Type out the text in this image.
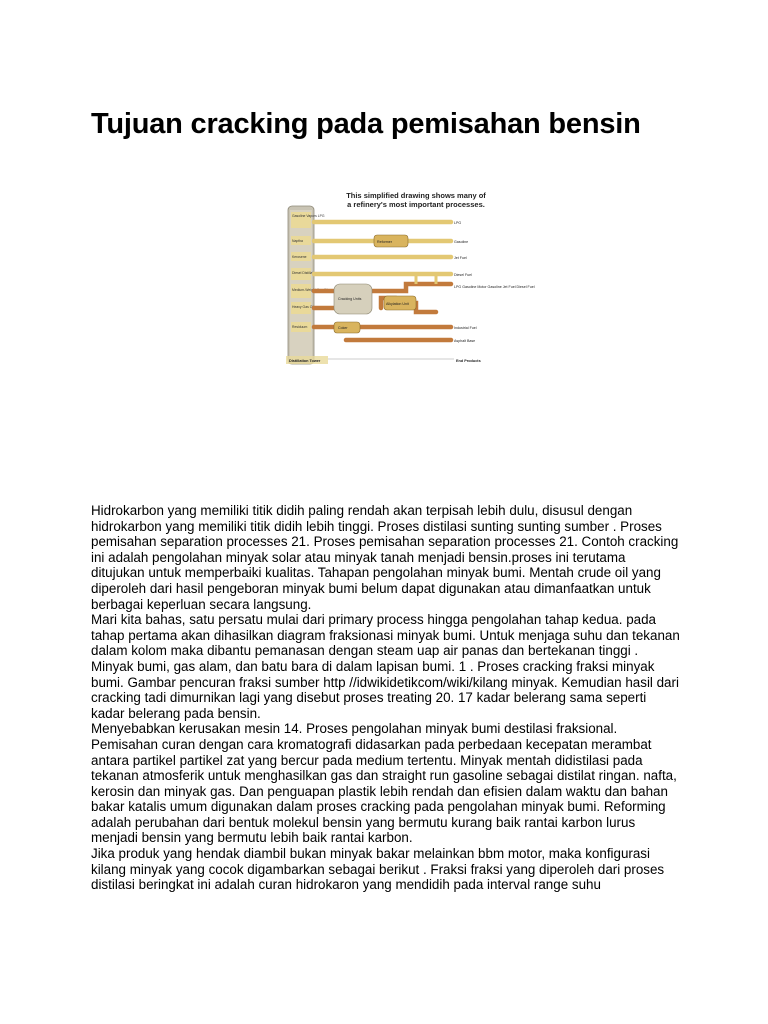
Tujuan cracking pada pemisahan bensin
This simplified drawing shows many of
a refinery's most important processes.
Gasoline Vapors LPG
Naptha
Kerosene
Diesel Distillate
Medium-Weight Gas Oil
Heavy Gas Oil
Residuum
Reformer
Cracking Units
Alkylation Unit
Coker
LPG
Gasoline
Jet Fuel
Diesel Fuel
LPG Gasoline Motor Gasoline Jet Fuel Diesel Fuel
Industrial Fuel
Asphalt Base
Distillation Tower	End Products

Hidrokarbon yang memiliki titik didih paling rendah akan terpisah lebih dulu, disusul dengan hidrokarbon yang memiliki titik didih lebih tinggi. Proses distilasi sunting sunting sumber . Proses pemisahan separation processes 21. Proses pemisahan separation processes 21. Contoh cracking ini adalah pengolahan minyak solar atau minyak tanah menjadi bensin.proses ini terutama ditujukan untuk memperbaiki kualitas. Tahapan pengolahan minyak bumi. Mentah crude oil yang diperoleh dari hasil pengeboran minyak bumi belum dapat digunakan atau dimanfaatkan untuk berbagai keperluan secara langsung.

Mari kita bahas, satu persatu mulai dari primary process hingga pengolahan tahap kedua. pada tahap pertama akan dihasilkan diagram fraksionasi minyak bumi. Untuk menjaga suhu dan tekanan dalam kolom maka dibantu pemanasan dengan steam uap air panas dan bertekanan tinggi . Minyak bumi, gas alam, dan batu bara di dalam lapisan bumi. 1 . Proses cracking fraksi minyak bumi. Gambar pencuran fraksi sumber http //idwikidetikcom/wiki/kilang minyak. Kemudian hasil dari cracking tadi dimurnikan lagi yang disebut proses treating 20. 17 kadar belerang sama seperti kadar belerang pada bensin.

Menyebabkan kerusakan mesin 14. Proses pengolahan minyak bumi destilasi fraksional. Pemisahan curan dengan cara kromatografi didasarkan pada perbedaan kecepatan merambat antara partikel partikel zat yang bercur pada medium tertentu. Minyak mentah didistilasi pada tekanan atmosferik untuk menghasilkan gas dan straight run gasoline sebagai distilat ringan. nafta, kerosin dan minyak gas. Dan penguapan plastik lebih rendah dan efisien dalam waktu dan bahan bakar katalis umum digunakan dalam proses cracking pada pengolahan minyak bumi. Reforming adalah perubahan dari bentuk molekul bensin yang bermutu kurang baik rantai karbon lurus menjadi bensin yang bermutu lebih baik rantai karbon.

Jika produk yang hendak diambil bukan minyak bakar melainkan bbm motor, maka konfigurasi kilang minyak yang cocok digambarkan sebagai berikut . Fraksi fraksi yang diperoleh dari proses distilasi beringkat ini adalah curan hidrokaron yang mendidih pada interval range suhu
